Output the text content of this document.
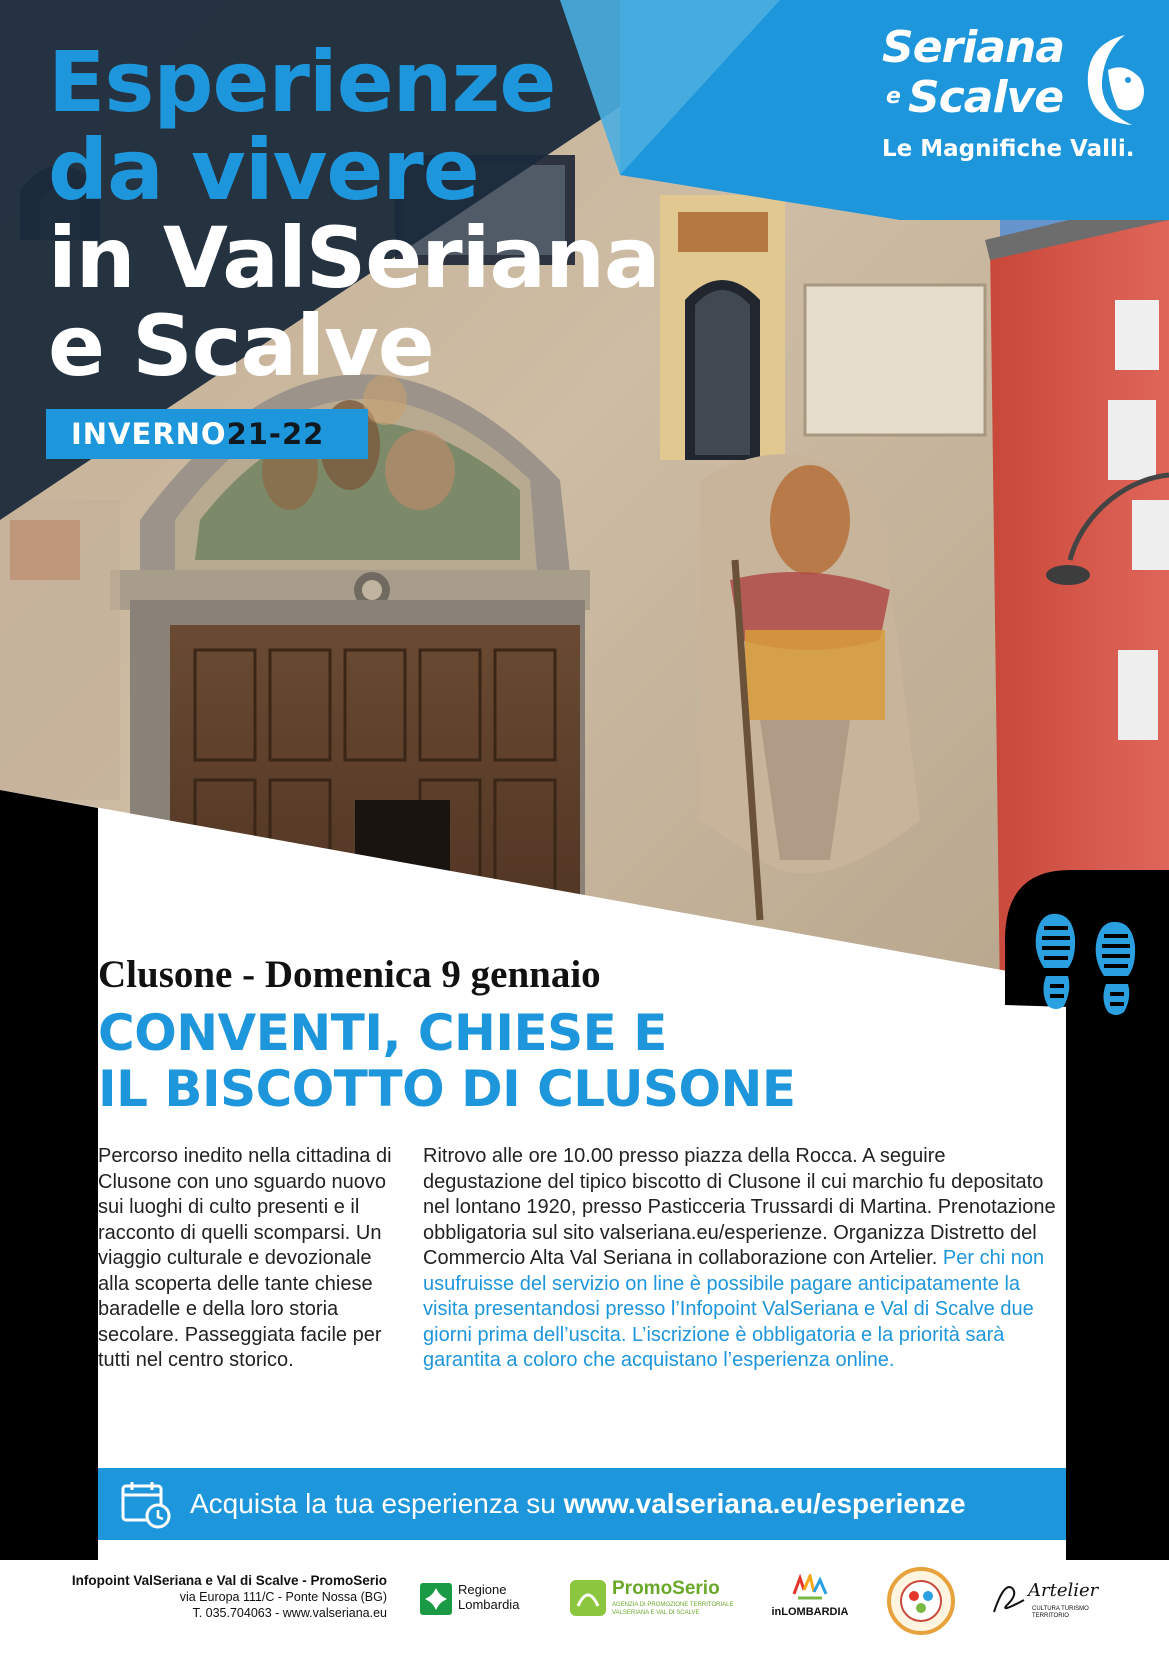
Esperienze
da vivere
in ValSeriana
e Scalve
INVERNO21-22
Seriana
e Scalve
Le Magnifiche Valli.
Clusone - Domenica 9 gennaio
CONVENTI, CHIESE E
IL BISCOTTO DI CLUSONE
Percorso inedito nella cittadina di Clusone con uno sguardo nuovo sui luoghi di culto presenti e il racconto di quelli scomparsi. Un viaggio culturale e devozionale alla scoperta delle tante chiese baradelle e della loro storia secolare. Passeggiata facile per tutti nel centro storico.
Ritrovo alle ore 10.00 presso piazza della Rocca. A seguire degustazione del tipico biscotto di Clusone il cui marchio fu depositato nel lontano 1920, presso Pasticceria Trussardi di Martina. Prenotazione obbligatoria sul sito valseriana.eu/esperienze. Organizza Distretto del Commercio Alta Val Seriana in collaborazione con Artelier. Per chi non usufruisse del servizio on line è possibile pagare anticipatamente la visita presentandosi presso l’Infopoint ValSeriana e Val di Scalve due giorni prima dell’uscita. L’iscrizione è obbligatoria e la priorità sarà garantita a coloro che acquistano l’esperienza online.
Acquista la tua esperienza su www.valseriana.eu/esperienze
Infopoint ValSeriana e Val di Scalve - PromoSerio
via Europa 111/C - Ponte Nossa (BG)
T. 035.704063 - www.valseriana.eu
Regione
Lombardia
PromoSerio
AGENZIA DI PROMOZIONE TERRITORIALE
VALSERIANA E VAL DI SCALVE	inLOMBARDIA
Artelier
CULTURA TURISMO TERRITORIO
